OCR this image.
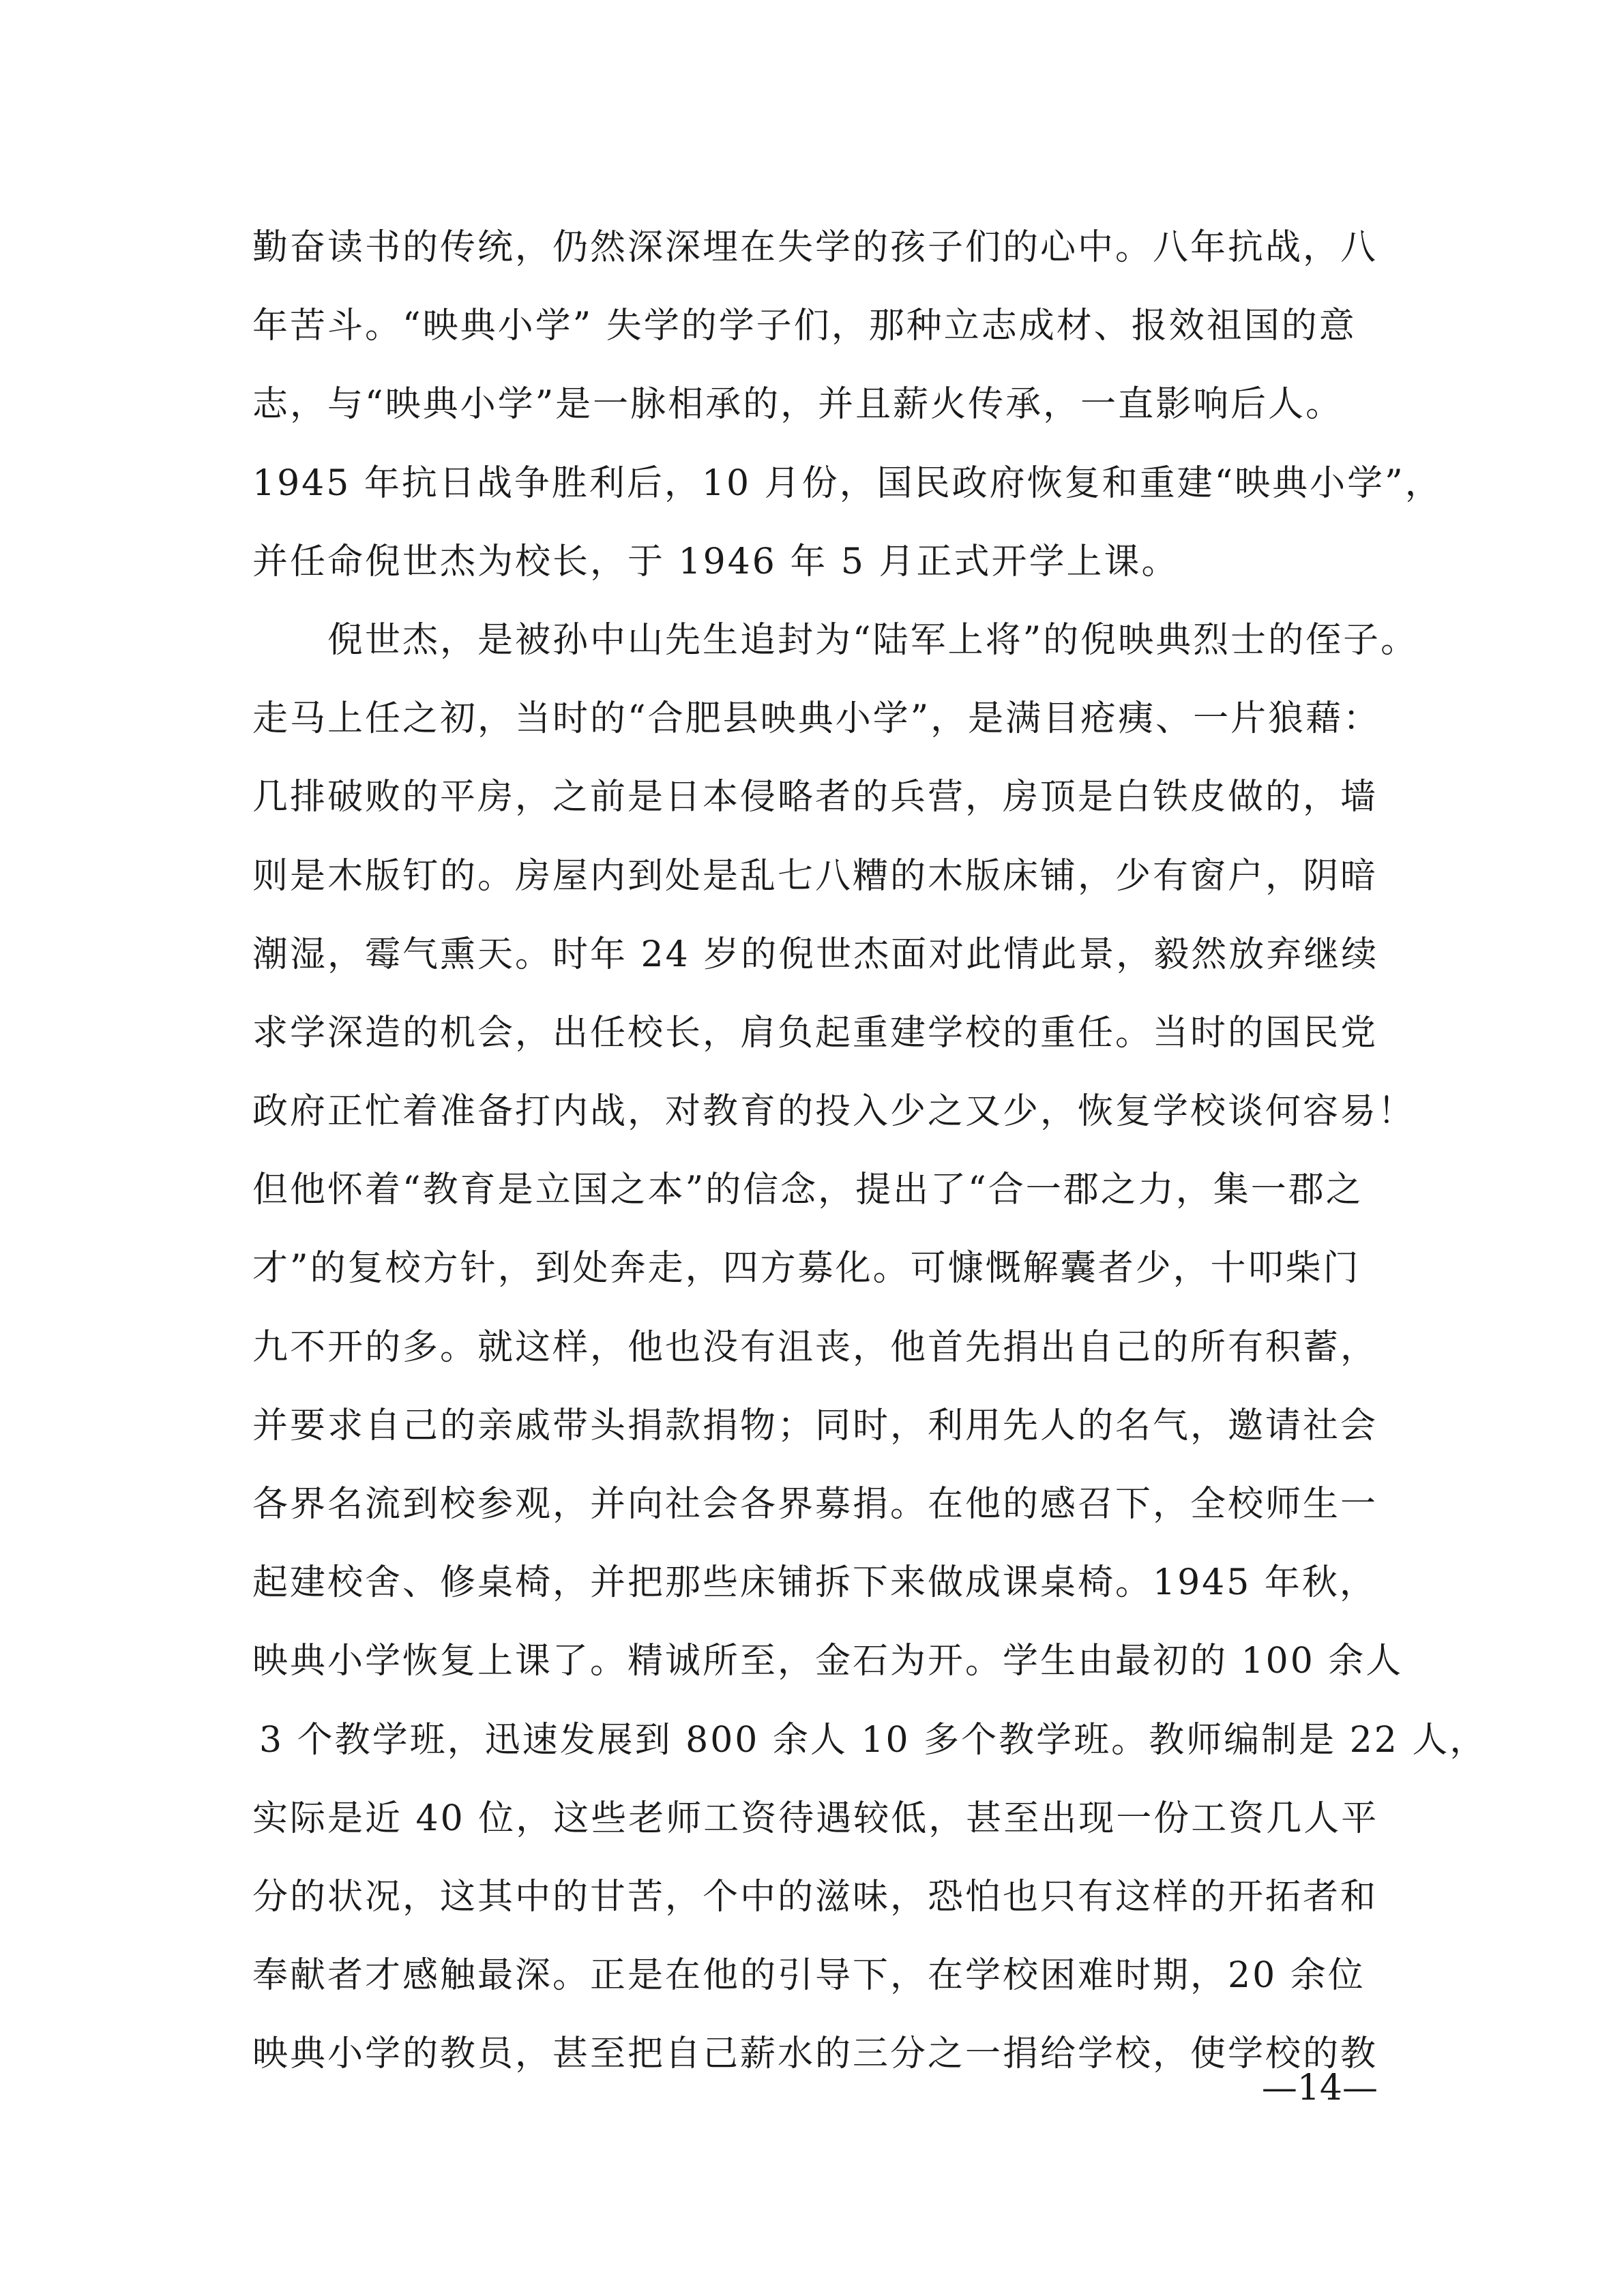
勤奋读书的传统，仍然深深埋在失学的孩子们的心中。八年抗战，八
年苦斗。“映典小学” 失学的学子们，那种立志成材、报效祖国的意
志，与“映典小学”是一脉相承的，并且薪火传承，一直影响后人。
1945 年抗日战争胜利后，10 月份，国民政府恢复和重建“映典小学”，
并任命倪世杰为校长，于 1946 年 5 月正式开学上课。
倪世杰，是被孙中山先生追封为“陆军上将”的倪映典烈士的侄子。
走马上任之初，当时的“合肥县映典小学”，是满目疮痍、一片狼藉：
几排破败的平房，之前是日本侵略者的兵营，房顶是白铁皮做的，墙
则是木版钉的。房屋内到处是乱七八糟的木版床铺，少有窗户，阴暗
潮湿，霉气熏天。时年 24 岁的倪世杰面对此情此景，毅然放弃继续
求学深造的机会，出任校长，肩负起重建学校的重任。当时的国民党
政府正忙着准备打内战，对教育的投入少之又少，恢复学校谈何容易！
但他怀着“教育是立国之本”的信念，提出了“合一郡之力，集一郡之
才”的复校方针，到处奔走，四方募化。可慷慨解囊者少，十叩柴门
九不开的多。就这样，他也没有沮丧，他首先捐出自己的所有积蓄，
并要求自己的亲戚带头捐款捐物；同时，利用先人的名气，邀请社会
各界名流到校参观，并向社会各界募捐。在他的感召下，全校师生一
起建校舍、修桌椅，并把那些床铺拆下来做成课桌椅。1945 年秋，
映典小学恢复上课了。精诚所至，金石为开。学生由最初的 100 余人
3 个教学班，迅速发展到 800 余人 10 多个教学班。教师编制是 22 人，
实际是近 40 位，这些老师工资待遇较低，甚至出现一份工资几人平
分的状况，这其中的甘苦，个中的滋味，恐怕也只有这样的开拓者和
奉献者才感触最深。正是在他的引导下，在学校困难时期，20 余位
映典小学的教员，甚至把自己薪水的三分之一捐给学校，使学校的教
—14—
